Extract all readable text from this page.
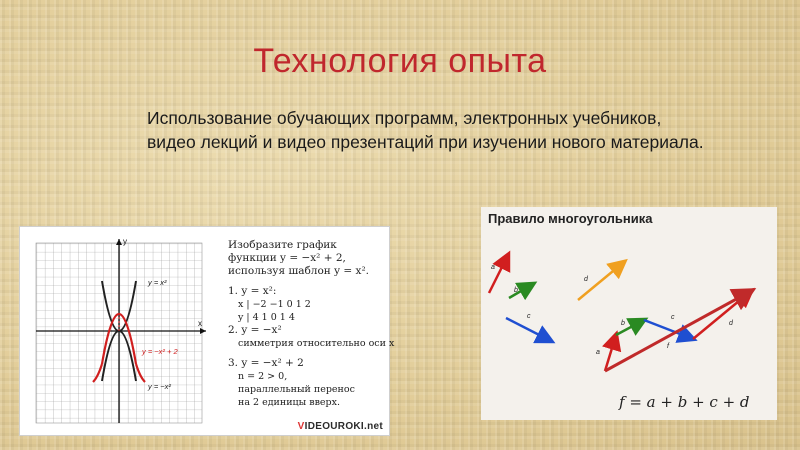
Технология опыта
Использование обучающих программ, электронных учебников, видео лекций и видео презентаций при изучении нового материала.
x
y
y = x²
y = −x² + 2
y = −x²
Изобразите график
функции y = −x² + 2,
используя шаблон y = x².
1. y = x²:
x | −2 −1 0 1 2
y | 4 1 0 1 4
2. y = −x²
симметрия относительно оси x
3. y = −x² + 2
n = 2 > 0,
параллельный перенос
на 2 единицы вверх.
VIDEOUROKI.net
Правило многоугольника
a
b
c
d
a
b
c
d
f
f = a + b + c + d
